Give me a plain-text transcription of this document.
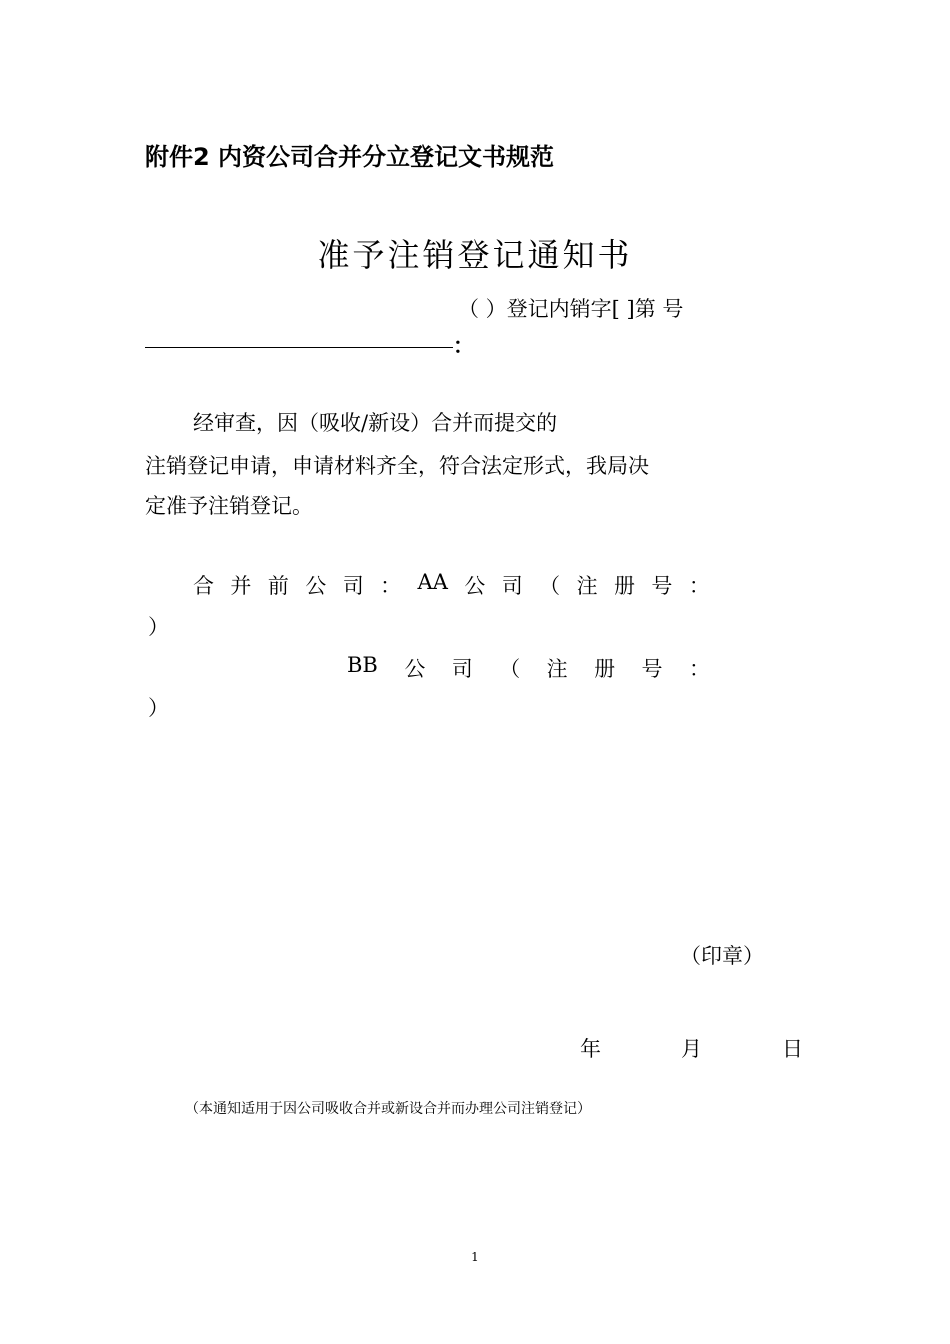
附件2 内资公司合并分立登记文书规范
准予注销登记通知书
（ ）登记内销字[ ]第 号
：
经审查，因（吸收/新设）合并而提交的
注销登记申请，申请材料齐全，符合法定形式，我局决
定准予注销登记。
合 并 前 公 司 ： AA 公 司 （ 注 册 号 ：
）
BB 公 司 （ 注 册 号 ：
）
（印章）
年	月	日
（本通知适用于因公司吸收合并或新设合并而办理公司注销登记）
1
